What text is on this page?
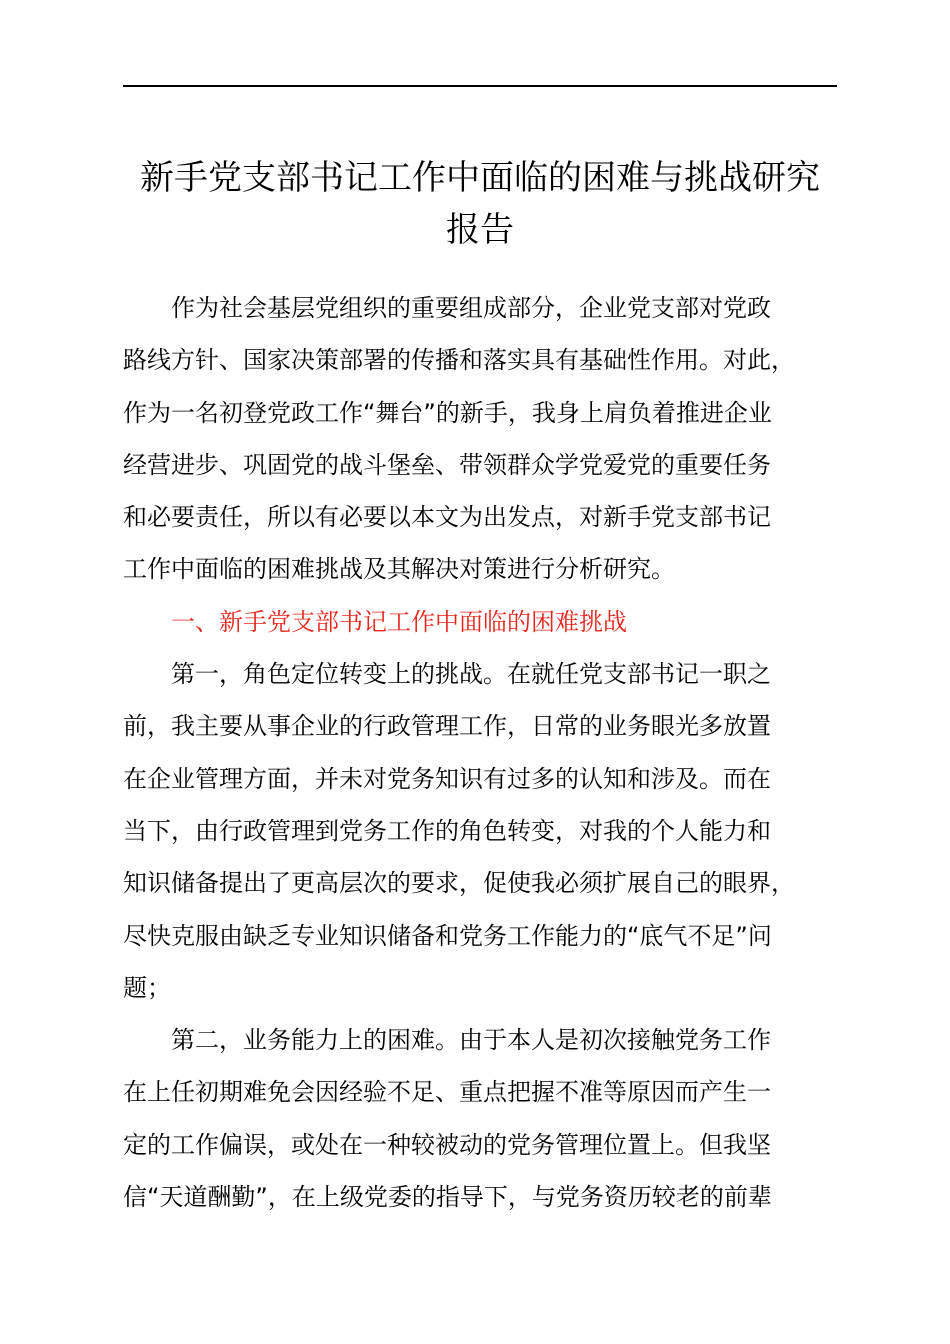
新手党支部书记工作中面临的困难与挑战研究
报告

作为社会基层党组织的重要组成部分，企业党支部对党政
路线方针、国家决策部署的传播和落实具有基础性作用。对此，
作为一名初登党政工作“舞台”的新手，我身上肩负着推进企业
经营进步、巩固党的战斗堡垒、带领群众学党爱党的重要任务
和必要责任，所以有必要以本文为出发点，对新手党支部书记
工作中面临的困难挑战及其解决对策进行分析研究。

一、新手党支部书记工作中面临的困难挑战

第一，角色定位转变上的挑战。在就任党支部书记一职之
前，我主要从事企业的行政管理工作，日常的业务眼光多放置
在企业管理方面，并未对党务知识有过多的认知和涉及。而在
当下，由行政管理到党务工作的角色转变，对我的个人能力和
知识储备提出了更高层次的要求，促使我必须扩展自己的眼界，
尽快克服由缺乏专业知识储备和党务工作能力的“底气不足”问
题；

第二，业务能力上的困难。由于本人是初次接触党务工作
在上任初期难免会因经验不足、重点把握不准等原因而产生一
定的工作偏误，或处在一种较被动的党务管理位置上。但我坚
信“天道酬勤”，在上级党委的指导下，与党务资历较老的前辈
